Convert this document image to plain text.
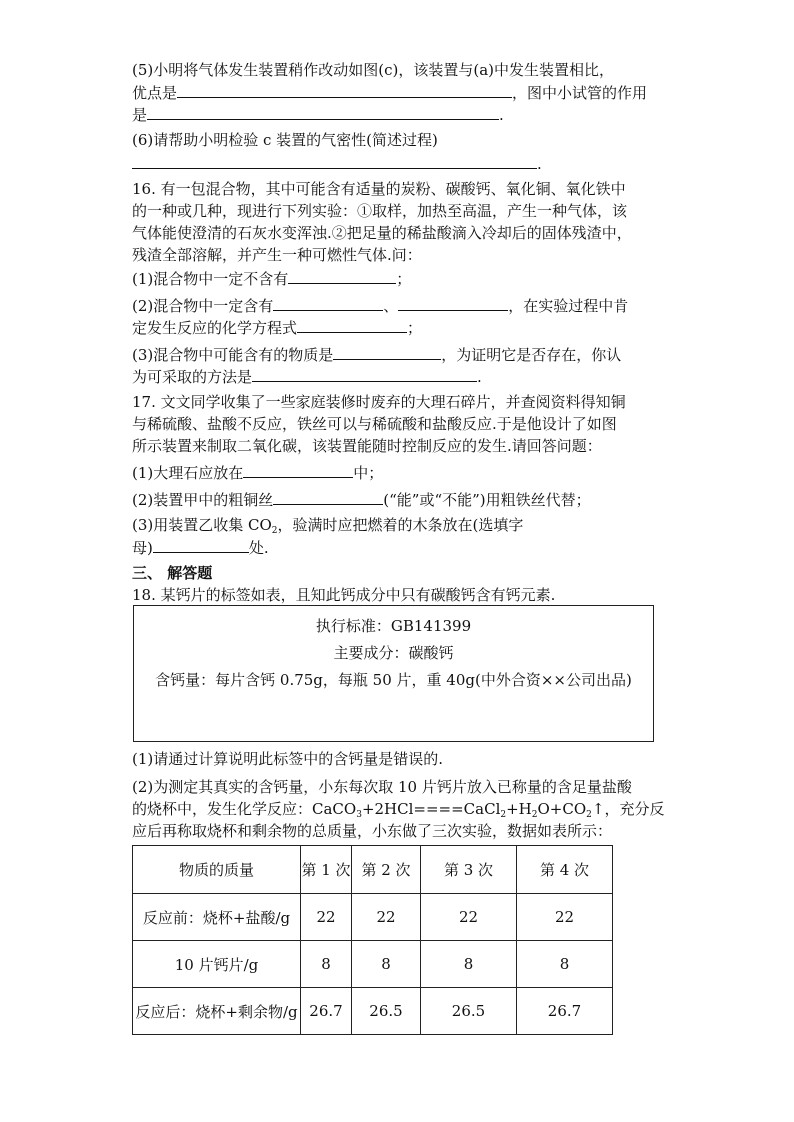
(5)小明将气体发生装置稍作改动如图(c)，该装置与(a)中发生装置相比，
优点是	，图中小试管的作用
是	.
(6)请帮助小明检验 c 装置的气密性(简述过程)
.
16. 有一包混合物，其中可能含有适量的炭粉、碳酸钙、氧化铜、氧化铁中
的一种或几种，现进行下列实验：①取样，加热至高温，产生一种气体，该
气体能使澄清的石灰水变浑浊.②把足量的稀盐酸滴入冷却后的固体残渣中，
残渣全部溶解，并产生一种可燃性气体.问：
(1)混合物中一定不含有	；
(2)混合物中一定含有	、	，在实验过程中肯
定发生反应的化学方程式	；
(3)混合物中可能含有的物质是	，为证明它是否存在，你认
为可采取的方法是	.
17. 文文同学收集了一些家庭装修时废弃的大理石碎片，并查阅资料得知铜
与稀硫酸、盐酸不反应，铁丝可以与稀硫酸和盐酸反应.于是他设计了如图
所示装置来制取二氧化碳，该装置能随时控制反应的发生.请回答问题：
(1)大理石应放在	中；
(2)装置甲中的粗铜丝	(“能”或“不能”)用粗铁丝代替；
(3)用装置乙收集 $CO_2$，验满时应把燃着的木条放在(选填字
母)	处.
三、 解答题
18. 某钙片的标签如表，且知此钙成分中只有碳酸钙含有钙元素.
执行标准：GB141399
主要成分：碳酸钙
含钙量：每片含钙 0.75g，每瓶 50 片，重 40g(中外合资××公司出品)
(1)请通过计算说明此标签中的含钙量是错误的.
(2)为测定其真实的含钙量，小东每次取 10 片钙片放入已称量的含足量盐酸
的烧杯中，发生化学反应：$CaCO_3+2HCl====CaCl_2+H_2O+CO_2↑$，充分反
应后再称取烧杯和剩余物的总质量，小东做了三次实验，数据如表所示：
物质的质量	第 1 次	第 2 次	第 3 次	第 4 次
反应前：烧杯+盐酸/g	22	22	22	22
10 片钙片/g	8	8	8	8
反应后：烧杯+剩余物/g	26.7	26.5	26.5	26.7
